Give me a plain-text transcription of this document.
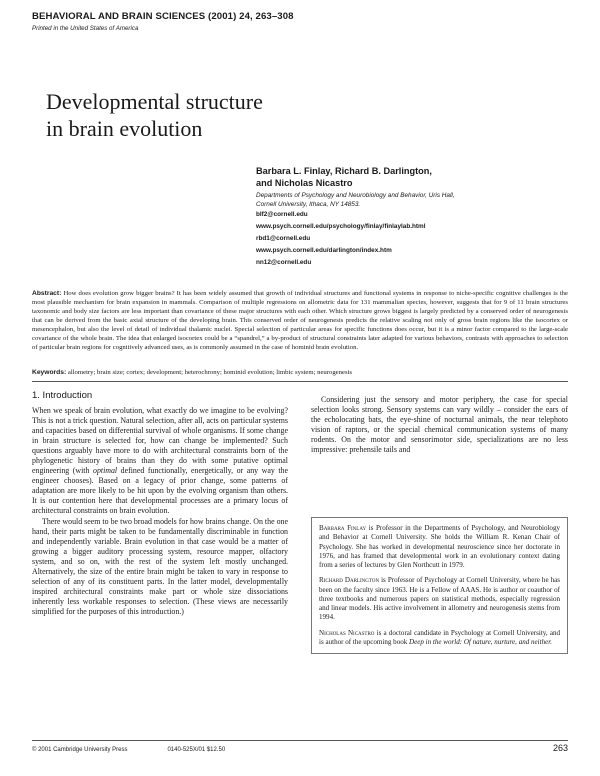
BEHAVIORAL AND BRAIN SCIENCES (2001) 24, 263–308
Printed in the United States of America
Developmental structure
in brain evolution
Barbara L. Finlay, Richard B. Darlington,
and Nicholas Nicastro
Departments of Psychology and Neurobiology and Behavior, Uris Hall,
Cornell University, Ithaca, NY 14853.
blf2@cornell.edu
www.psych.cornell.edu/psychology/finlay/finlaylab.html
rbd1@cornell.edu
www.psych.cornell.edu/darlington/index.htm
nn12@cornell.edu
Abstract: How does evolution grow bigger brains? It has been widely assumed that growth of individual structures and functional systems in response to niche-specific cognitive challenges is the most plausible mechanism for brain expansion in mammals. Comparison of multiple regressions on allometric data for 131 mammalian species, however, suggests that for 9 of 11 brain structures taxonomic and body size factors are less important than covariance of these major structures with each other. Which structure grows biggest is largely predicted by a conserved order of neurogenesis that can be derived from the basic axial structure of the developing brain. This conserved order of neurogenesis predicts the relative scaling not only of gross brain regions like the isocortex or mesencephalon, but also the level of detail of individual thalamic nuclei. Special selection of particular areas for specific functions does occur, but it is a minor factor compared to the large-scale covariance of the whole brain. The idea that enlarged isocortex could be a “spandrel,” a by-product of structural constraints later adapted for various behaviors, contrasts with approaches to selection of particular brain regions for cognitively advanced uses, as is commonly assumed in the case of hominid brain evolution.
Keywords: allometry; brain size; cortex; development; heterochrony; hominid evolution; limbic system; neurogenesis
1. Introduction

When we speak of brain evolution, what exactly do we imagine to be evolving? This is not a trick question. Natural selection, after all, acts on particular systems and capacities based on differential survival of whole organisms. If some change in brain structure is selected for, how can change be implemented? Such questions arguably have more to do with architectural constraints born of the phylogenetic history of brains than they do with some putative optimal engineering (with optimal defined functionally, energetically, or any way the engineer chooses). Based on a legacy of prior change, some patterns of adaptation are more likely to be hit upon by the evolving organism than others. It is our contention here that developmental processes are a primary locus of architectural constraints on brain evolution.

There would seem to be two broad models for how brains change. On the one hand, their parts might be taken to be fundamentally discriminable in function and independently variable. Brain evolution in that case would be a matter of growing a bigger auditory processing system, resource mapper, olfactory system, and so on, with the rest of the system left mostly unchanged. Alternatively, the size of the entire brain might be taken to vary in response to selection of any of its constituent parts. In the latter model, developmentally inspired architectural constraints make part or whole size dissociations inherently less workable responses to selection. (These views are necessarily simplified for the purposes of this introduction.)

Considering just the sensory and motor periphery, the case for special selection looks strong. Sensory systems can vary wildly – consider the ears of the echolocating bats, the eye-shine of nocturnal animals, the near telephoto vision of raptors, or the special chemical communication systems of many rodents. On the motor and sensorimotor side, specializations are no less impressive: prehensile tails and

Barbara Finlay is Professor in the Departments of Psychology, and Neurobiology and Behavior at Cornell University. She holds the William R. Kenan Chair of Psychology. She has worked in developmental neuroscience since her doctorate in 1976, and has framed that developmental work in an evolutionary context dating from a series of lectures by Glen Northcutt in 1979.

Richard Darlington is Professor of Psychology at Cornell University, where he has been on the faculty since 1963. He is a Fellow of AAAS. He is author or coauthor of three textbooks and numerous papers on statistical methods, especially regression and linear models. His active involvement in allometry and neurogenesis stems from 1994.

Nicholas Nicastro is a doctoral candidate in Psychology at Cornell University, and is author of the upcoming book Deep in the world: Of nature, nurture, and neither.

© 2001 Cambridge University Press	0140-525X/01 $12.50	263
